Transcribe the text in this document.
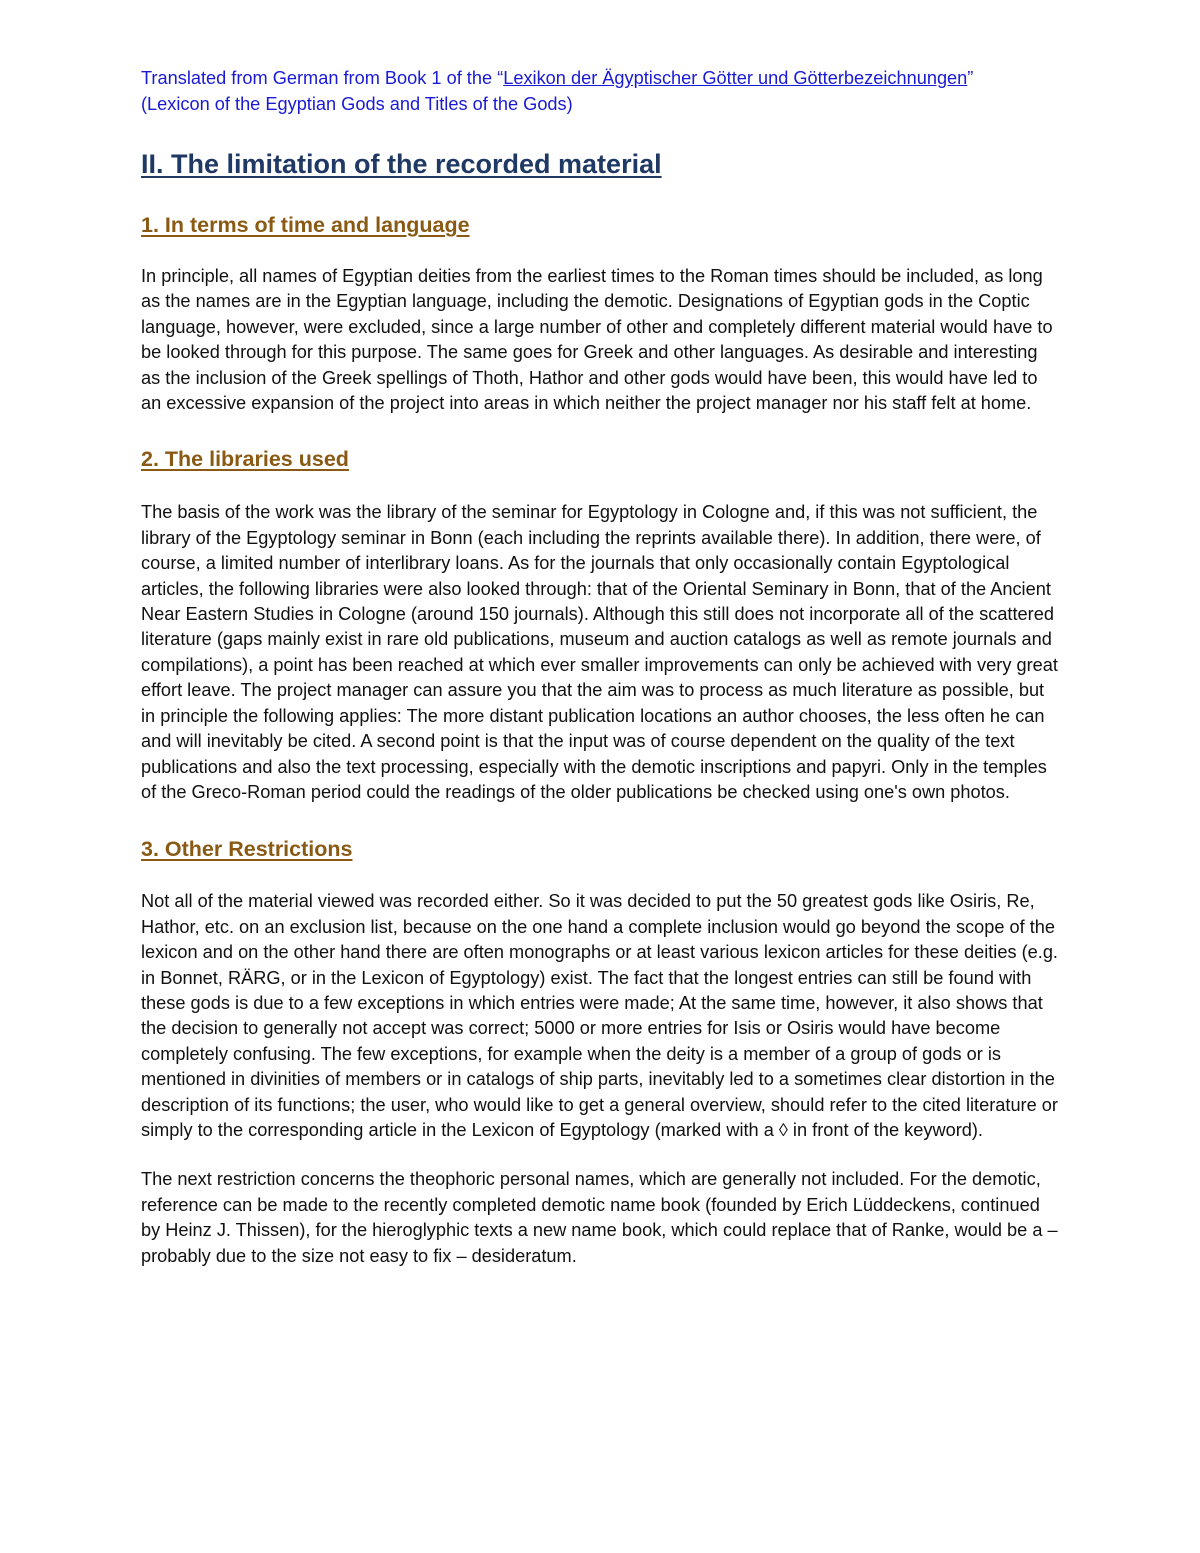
Translated from German from Book 1 of the “Lexikon der Ägyptischer Götter und Götterbezeichnungen”
(Lexicon of the Egyptian Gods and Titles of the Gods)

II. The limitation of the recorded material
1. In terms of time and language

In principle, all names of Egyptian deities from the earliest times to the Roman times should be included, as long as the names are in the Egyptian language, including the demotic. Designations of Egyptian gods in the Coptic language, however, were excluded, since a large number of other and completely different material would have to be looked through for this purpose. The same goes for Greek and other languages. As desirable and interesting as the inclusion of the Greek spellings of Thoth, Hathor and other gods would have been, this would have led to an excessive expansion of the project into areas in which neither the project manager nor his staff felt at home.

2. The libraries used

The basis of the work was the library of the seminar for Egyptology in Cologne and, if this was not sufficient, the library of the Egyptology seminar in Bonn (each including the reprints available there). In addition, there were, of course, a limited number of interlibrary loans. As for the journals that only occasionally contain Egyptological articles, the following libraries were also looked through: that of the Oriental Seminary in Bonn, that of the Ancient Near Eastern Studies in Cologne (around 150 journals). Although this still does not incorporate all of the scattered literature (gaps mainly exist in rare old publications, museum and auction catalogs as well as remote journals and compilations), a point has been reached at which ever smaller improvements can only be achieved with very great effort leave. The project manager can assure you that the aim was to process as much literature as possible, but in principle the following applies: The more distant publication locations an author chooses, the less often he can and will inevitably be cited. A second point is that the input was of course dependent on the quality of the text publications and also the text processing, especially with the demotic inscriptions and papyri. Only in the temples of the Greco-Roman period could the readings of the older publications be checked using one's own photos.

3. Other Restrictions

Not all of the material viewed was recorded either. So it was decided to put the 50 greatest gods like Osiris, Re, Hathor, etc. on an exclusion list, because on the one hand a complete inclusion would go beyond the scope of the lexicon and on the other hand there are often monographs or at least various lexicon articles for these deities (e.g. in Bonnet, RÄRG, or in the Lexicon of Egyptology) exist. The fact that the longest entries can still be found with these gods is due to a few exceptions in which entries were made; At the same time, however, it also shows that the decision to generally not accept was correct; 5000 or more entries for Isis or Osiris would have become completely confusing. The few exceptions, for example when the deity is a member of a group of gods or is mentioned in divinities of members or in catalogs of ship parts, inevitably led to a sometimes clear distortion in the description of its functions; the user, who would like to get a general overview, should refer to the cited literature or simply to the corresponding article in the Lexicon of Egyptology (marked with a ◊ in front of the keyword).

The next restriction concerns the theophoric personal names, which are generally not included. For the demotic, reference can be made to the recently completed demotic name book (founded by Erich Lüddeckens, continued by Heinz J. Thissen), for the hieroglyphic texts a new name book, which could replace that of Ranke, would be a – probably due to the size not easy to fix – desideratum.
